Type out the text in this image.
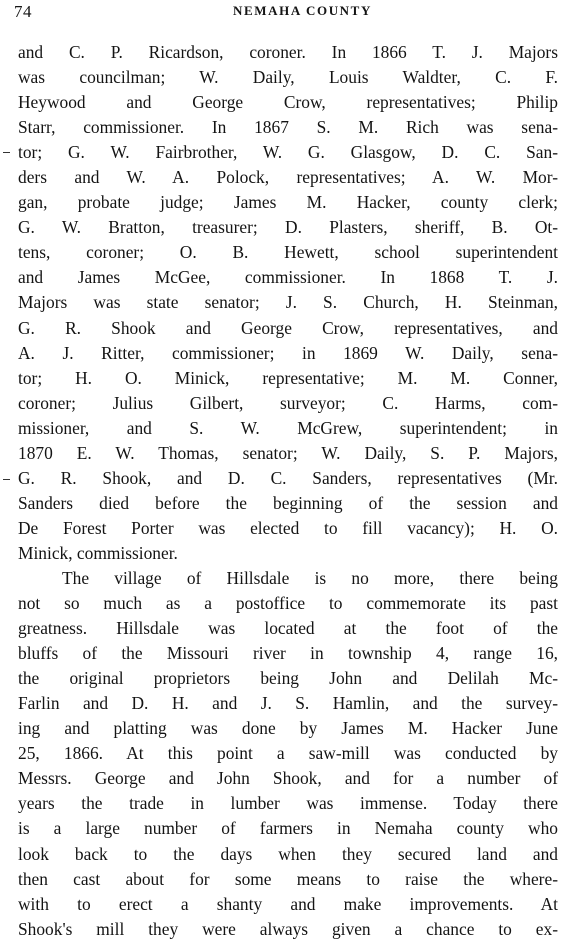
74	NEMAHA COUNTY
and C. P. Ricardson, coroner. In 1866 T. J. Majors
was councilman; W. Daily, Louis Waldter, C. F.
Heywood and George Crow, representatives; Philip
Starr, commissioner. In 1867 S. M. Rich was sena-
tor; G. W. Fairbrother, W. G. Glasgow, D. C. San-
ders and W. A. Polock, representatives; A. W. Mor-
gan, probate judge; James M. Hacker, county clerk;
G. W. Bratton, treasurer; D. Plasters, sheriff, B. Ot-
tens, coroner; O. B. Hewett, school superintendent
and James McGee, commissioner. In 1868 T. J.
Majors was state senator; J. S. Church, H. Steinman,
G. R. Shook and George Crow, representatives, and
A. J. Ritter, commissioner; in 1869 W. Daily, sena-
tor; H. O. Minick, representative; M. M. Conner,
coroner; Julius Gilbert, surveyor; C. Harms, com-
missioner, and S. W. McGrew, superintendent; in
1870 E. W. Thomas, senator; W. Daily, S. P. Majors,
G. R. Shook, and D. C. Sanders, representatives (Mr.
Sanders died before the beginning of the session and
De Forest Porter was elected to fill vacancy); H. O.
Minick, commissioner.
The village of Hillsdale is no more, there being
not so much as a postoffice to commemorate its past
greatness. Hillsdale was located at the foot of the
bluffs of the Missouri river in township 4, range 16,
the original proprietors being John and Delilah Mc-
Farlin and D. H. and J. S. Hamlin, and the survey-
ing and platting was done by James M. Hacker June
25, 1866. At this point a saw-mill was conducted by
Messrs. George and John Shook, and for a number of
years the trade in lumber was immense. Today there
is a large number of farmers in Nemaha county who
look back to the days when they secured land and
then cast about for some means to raise the where-
with to erect a shanty and make improvements. At
Shook's mill they were always given a chance to ex-
